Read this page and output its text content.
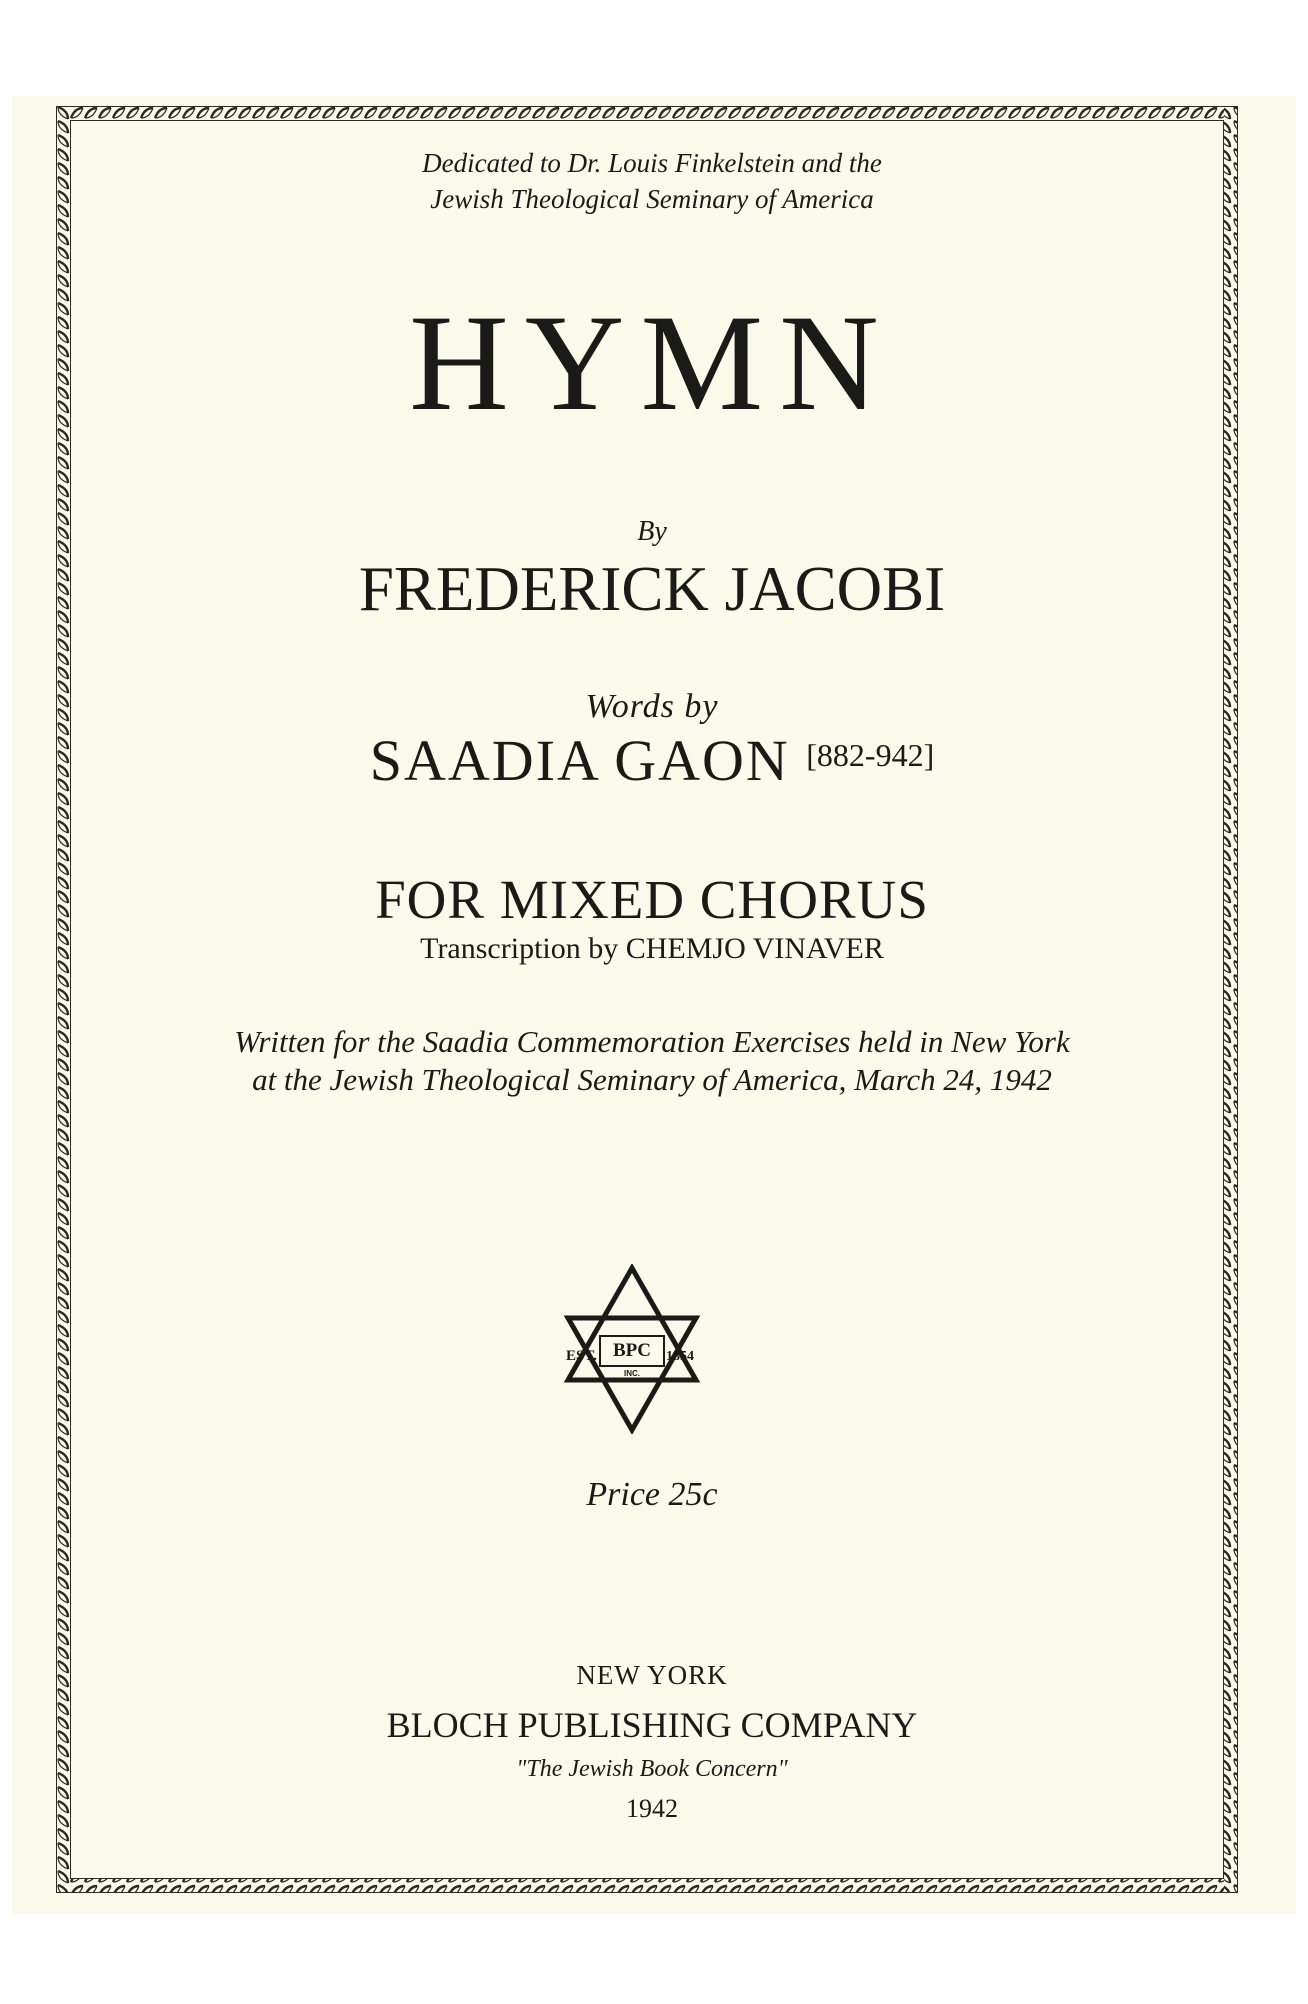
Dedicated to Dr. Louis Finkelstein and the
Jewish Theological Seminary of America
HYMN
By
FREDERICK JACOBI
Words by
SAADIA GAON [882-942]
FOR MIXED CHORUS
Transcription by CHEMJO VINAVER
Written for the Saadia Commemoration Exercises held in New York
at the Jewish Theological Seminary of America, March 24, 1942
EST. BPC
INC.
1854
Price 25c
NEW YORK
BLOCH PUBLISHING COMPANY
"The Jewish Book Concern"
1942
